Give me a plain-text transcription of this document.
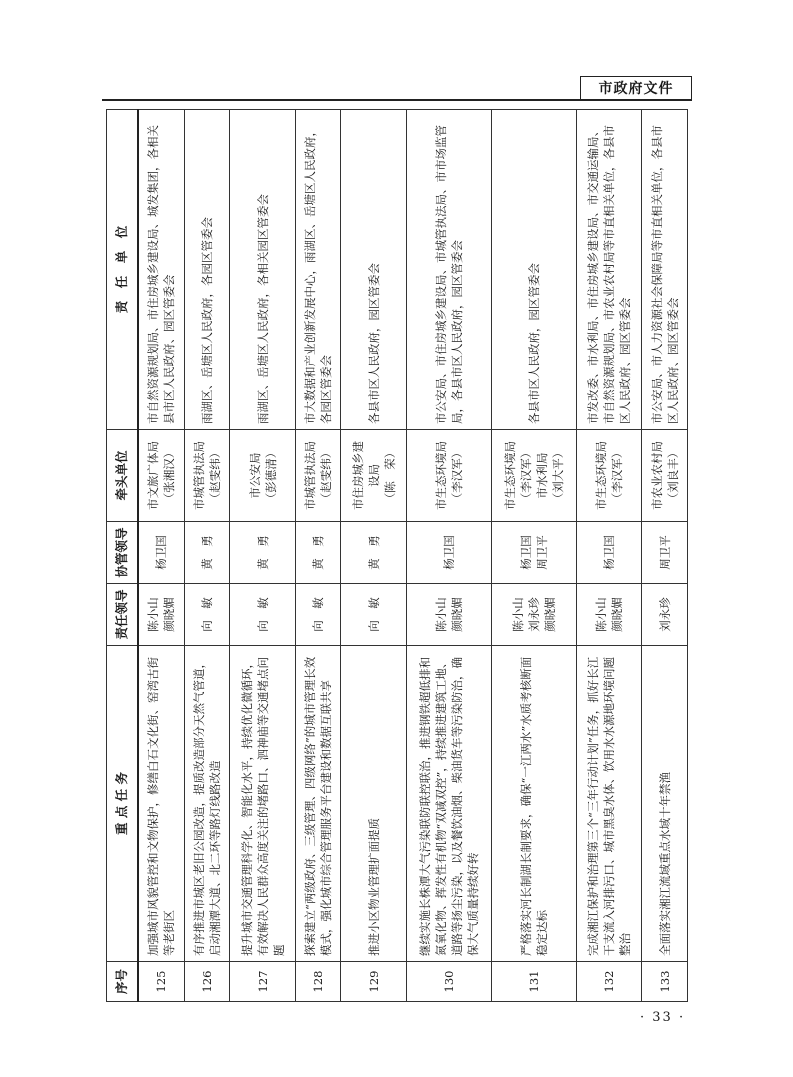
市政府文件
序号	重 点 任 务	责任领导	协管领导	牵头单位	责　任　单　位
125	加强城市风貌管控和文物保护，修缮白石文化街、窑湾古街等老街区	陈小山 颜晓媚	杨卫国	市文旅广体局 （张湘汉）	市自然资源规划局、市住房城乡建设局、城发集团，各相关县市区人民政府、园区管委会
126	有序推进市城区老旧公园改造，提质改造部分天然气管道，启动湘潭大道、北二环等路灯线路改造	向　敏	黄　勇	市城管执法局 （赵雯纬）	雨湖区、岳塘区人民政府，各园区管委会
127	提升城市交通管理科学化、智能化水平，持续优化微循环，有效解决人民群众高度关注的堵路口、泗神庙等交通堵点问题	向　敏	黄　勇	市公安局 （彭德清）	雨湖区、岳塘区人民政府，各相关园区管委会
128	探索建立“两级政府、三级管理、四级网络”的城市管理长效模式，强化城市综合管理服务平台建设和数据互联共享	向　敏	黄　勇	市城管执法局 （赵雯纬）	市大数据和产业创新发展中心，雨湖区、岳塘区人民政府，各园区管委会
129	推进小区物业管理扩面提质	向　敏	黄　勇	市住房城乡建 设局 （陈　荣）	各县市区人民政府，园区管委会
130	继续实施长株潭大气污染联防联控联治，推进钢铁超低排和氮氧化物、挥发性有机物“双减双控”，持续推进建筑工地、道路等扬尘污染，以及餐饮油烟、柴油货车等污染防治，确保大气质量持续好转	陈小山 颜晓媚	杨卫国	市生态环境局 （李汉军）	市公安局、市住房城乡建设局、市城管执法局、市市场监管局，各县市区人民政府，园区管委会
131	严格落实河长制湖长制要求，确保“一江两水”水质考核断面稳定达标	陈小山 刘永珍 颜晓媚	杨卫国 周卫平	市生态环境局 （李汉军） 市水利局 （刘大平）	各县市区人民政府，园区管委会
132	完成湘江保护和治理第三个“三年行动计划”任务，抓好长江干支流入河排污口、城市黑臭水体、饮用水水源地环境问题整治	陈小山 颜晓媚	杨卫国	市生态环境局 （李汉军）	市发改委、市水利局、市住房城乡建设局、市交通运输局、市自然资源规划局、市农业农村局等市直相关单位，各县市区人民政府、园区管委会
133	全面落实湘江流域重点水域十年禁渔	刘永珍	周卫平	市农业农村局 （刘良丰）	市公安局、市人力资源社会保障局等市直相关单位，各县市区人民政府、园区管委会
· 33 ·
